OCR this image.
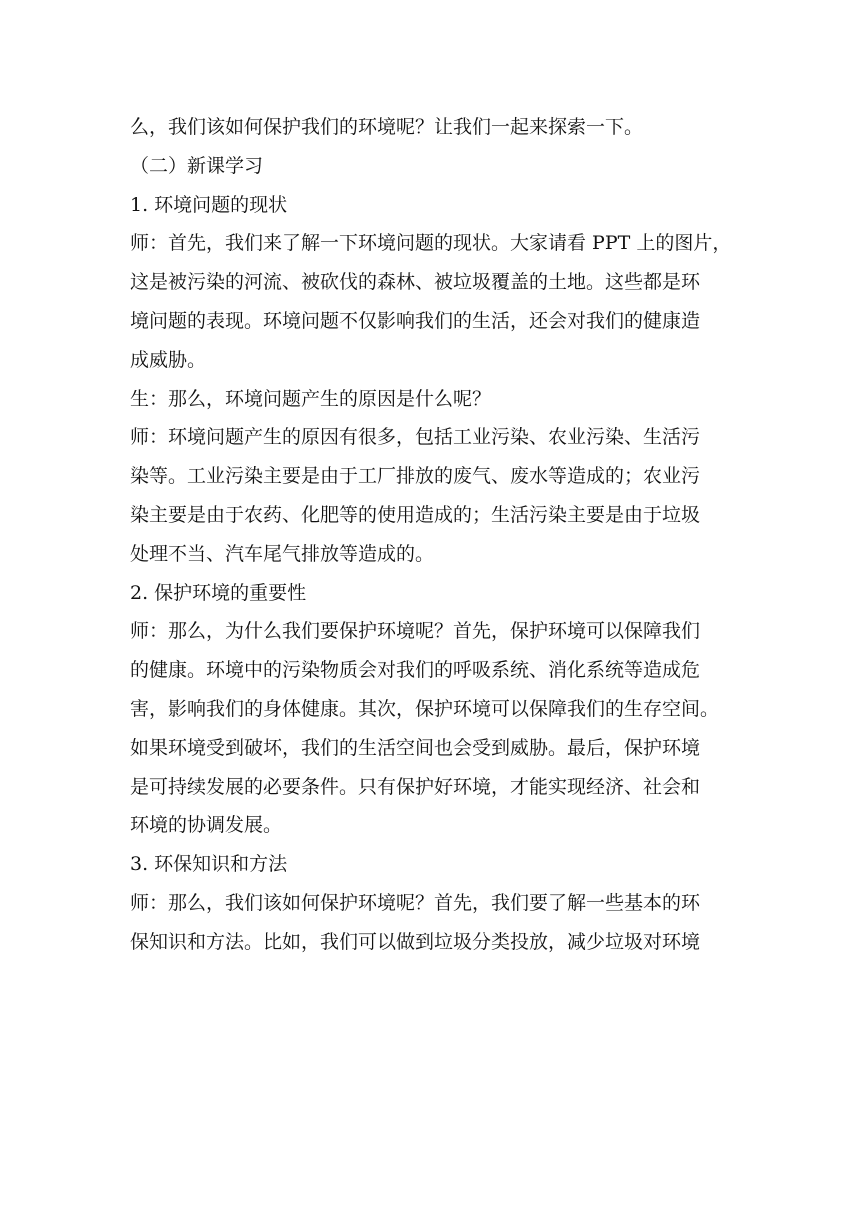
么，我们该如何保护我们的环境呢？让我们一起来探索一下。
（二）新课学习
1. 环境问题的现状
师：首先，我们来了解一下环境问题的现状。大家请看 PPT 上的图片，
这是被污染的河流、被砍伐的森林、被垃圾覆盖的土地。这些都是环
境问题的表现。环境问题不仅影响我们的生活，还会对我们的健康造
成威胁。
生：那么，环境问题产生的原因是什么呢？
师：环境问题产生的原因有很多，包括工业污染、农业污染、生活污
染等。工业污染主要是由于工厂排放的废气、废水等造成的；农业污
染主要是由于农药、化肥等的使用造成的；生活污染主要是由于垃圾
处理不当、汽车尾气排放等造成的。
2. 保护环境的重要性
师：那么，为什么我们要保护环境呢？首先，保护环境可以保障我们
的健康。环境中的污染物质会对我们的呼吸系统、消化系统等造成危
害，影响我们的身体健康。其次，保护环境可以保障我们的生存空间。
如果环境受到破坏，我们的生活空间也会受到威胁。最后，保护环境
是可持续发展的必要条件。只有保护好环境，才能实现经济、社会和
环境的协调发展。
3. 环保知识和方法
师：那么，我们该如何保护环境呢？首先，我们要了解一些基本的环
保知识和方法。比如，我们可以做到垃圾分类投放，减少垃圾对环境
